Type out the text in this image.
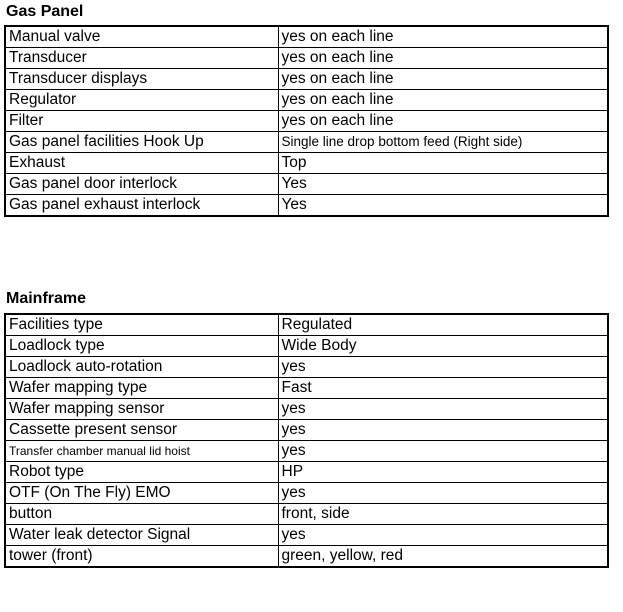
Gas Panel
Manual valve	yes on each line
Transducer	yes on each line
Transducer displays	yes on each line
Regulator	yes on each line
Filter	yes on each line
Gas panel facilities Hook Up	Single line drop bottom feed (Right side)
Exhaust	Top
Gas panel door interlock	Yes
Gas panel exhaust interlock	Yes
Mainframe
Facilities type	Regulated
Loadlock type	Wide Body
Loadlock auto-rotation	yes
Wafer mapping type	Fast
Wafer mapping sensor	yes
Cassette present sensor	yes
Transfer chamber manual lid hoist	yes
Robot type	HP
OTF (On The Fly) EMO	yes
button	front, side
Water leak detector Signal	yes
tower (front)	green, yellow, red
